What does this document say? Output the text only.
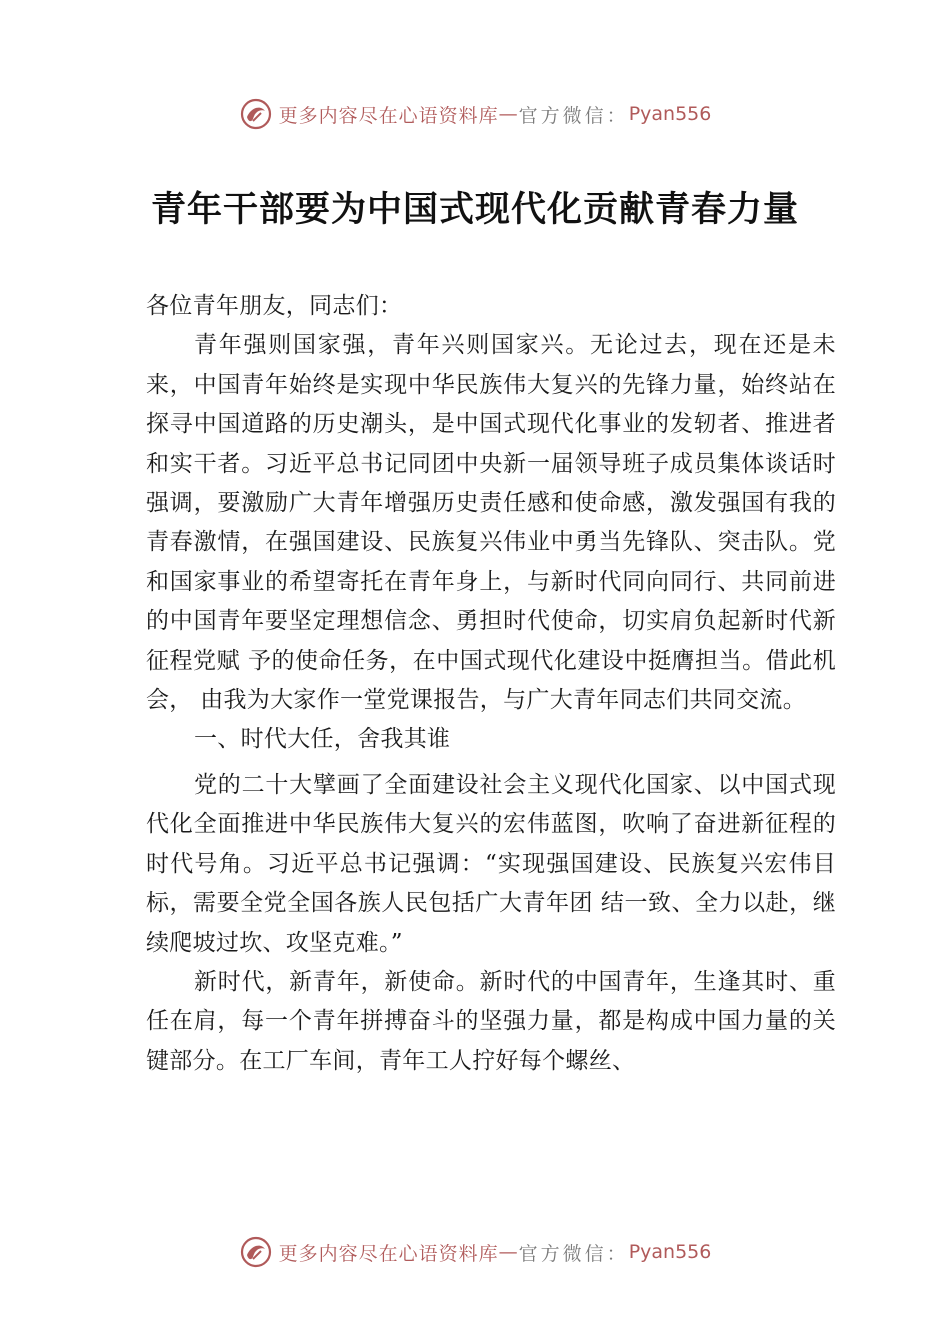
更多内容尽在心语资料库 — 官方微信： Pyan556
青年干部要为中国式现代化贡献青春力量

各位青年朋友，同志们：

青年强则国家强，青年兴则国家兴。无论过去，现在还是未来，中国青年始终是实现中华民族伟大复兴的先锋力量，始终站在探寻中国道路的历史潮头，是中国式现代化事业的发轫者、推进者和实干者。习近平总书记同团中央新一届领导班子成员集体谈话时强调，要激励广大青年增强历史责任感和使命感，激发强国有我的青春激情，在强国建设、民族复兴伟业中勇当先锋队、突击队。党和国家事业的希望寄托在青年身上，与新时代同向同行、共同前进的中国青年要坚定理想信念、勇担时代使命，切实肩负起新时代新征程党赋 予的使命任务，在中国式现代化建设中挺膺担当。借此机会， 由我为大家作一堂党课报告，与广大青年同志们共同交流。

一、时代大任，舍我其谁

党的二十大擘画了全面建设社会主义现代化国家、以中国式现代化全面推进中华民族伟大复兴的宏伟蓝图，吹响了奋进新征程的时代号角。习近平总书记强调：“实现强国建设、民族复兴宏伟目标，需要全党全国各族人民包括广大青年团 结一致、全力以赴，继续爬坡过坎、攻坚克难。”

新时代，新青年，新使命。新时代的中国青年，生逢其时、重任在肩，每一个青年拼搏奋斗的坚强力量，都是构成中国力量的关键部分。在工厂车间，青年工人拧好每个螺丝、

更多内容尽在心语资料库 — 官方微信： Pyan556
